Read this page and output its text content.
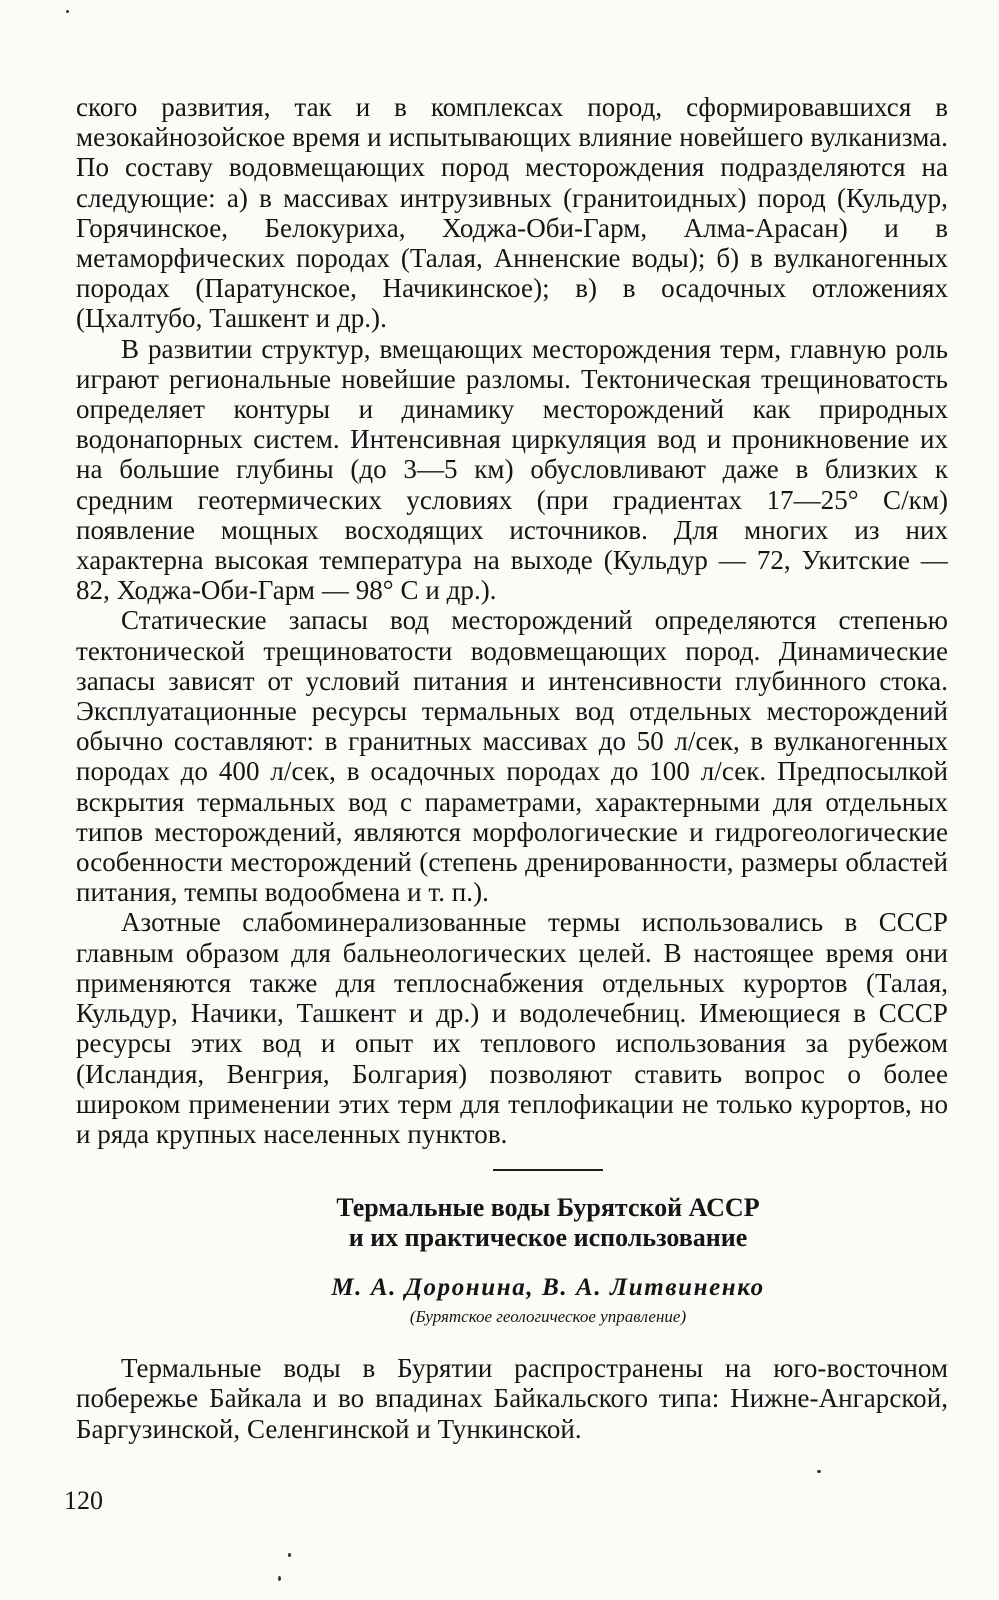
ского развития, так и в комплексах пород, сформировавшихся в мезокайнозойское время и испытывающих влияние новейшего вулканизма. По составу водовмещающих пород месторождения подразделяются на следующие: а) в массивах интрузивных (гранитоидных) пород (Кульдур, Горячинское, Белокуриха, Ходжа-Оби-Гарм, Алма-Арасан) и в метаморфических породах (Талая, Анненские воды); б) в вулканогенных породах (Паратунское, Начикинское); в) в осадочных отложениях (Цхалтубо, Ташкент и др.).

В развитии структур, вмещающих месторождения терм, главную роль играют региональные новейшие разломы. Тектоническая трещиноватость определяет контуры и динамику месторождений как природных водонапорных систем. Интенсивная циркуляция вод и проникновение их на большие глубины (до 3—5 км) обусловливают даже в близких к средним геотермических условиях (при градиентах 17—25° С/км) появление мощных восходящих источников. Для многих из них характерна высокая температура на выходе (Кульдур — 72, Укитские — 82, Ходжа-Оби-Гарм — 98° С и др.).

Статические запасы вод месторождений определяются степенью тектонической трещиноватости водовмещающих пород. Динамические запасы зависят от условий питания и интенсивности глубинного стока. Эксплуатационные ресурсы термальных вод отдельных месторождений обычно составляют: в гранитных массивах до 50 л/сек, в вулканогенных породах до 400 л/сек, в осадочных породах до 100 л/сек. Предпосылкой вскрытия термальных вод с параметрами, характерными для отдельных типов месторождений, являются морфологические и гидрогеологические особенности месторождений (степень дренированности, размеры областей питания, темпы водообмена и т. п.).

Азотные слабоминерализованные термы использовались в СССР главным образом для бальнеологических целей. В настоящее время они применяются также для теплоснабжения отдельных курортов (Талая, Кульдур, Начики, Ташкент и др.) и водолечебниц. Имеющиеся в СССР ресурсы этих вод и опыт их теплового использования за рубежом (Исландия, Венгрия, Болгария) позволяют ставить вопрос о более широком применении этих терм для теплофикации не только курортов, но и ряда крупных населенных пунктов.

Термальные воды Бурятской АССР

и их практическое использование

М. А. Доронина, В. А. Литвиненко

(Бурятское геологическое управление)

Термальные воды в Бурятии распространены на юго-восточном побережье Байкала и во впадинах Байкальского типа: Нижне-Ангарской, Баргузинской, Селенгинской и Тункинской.

120
